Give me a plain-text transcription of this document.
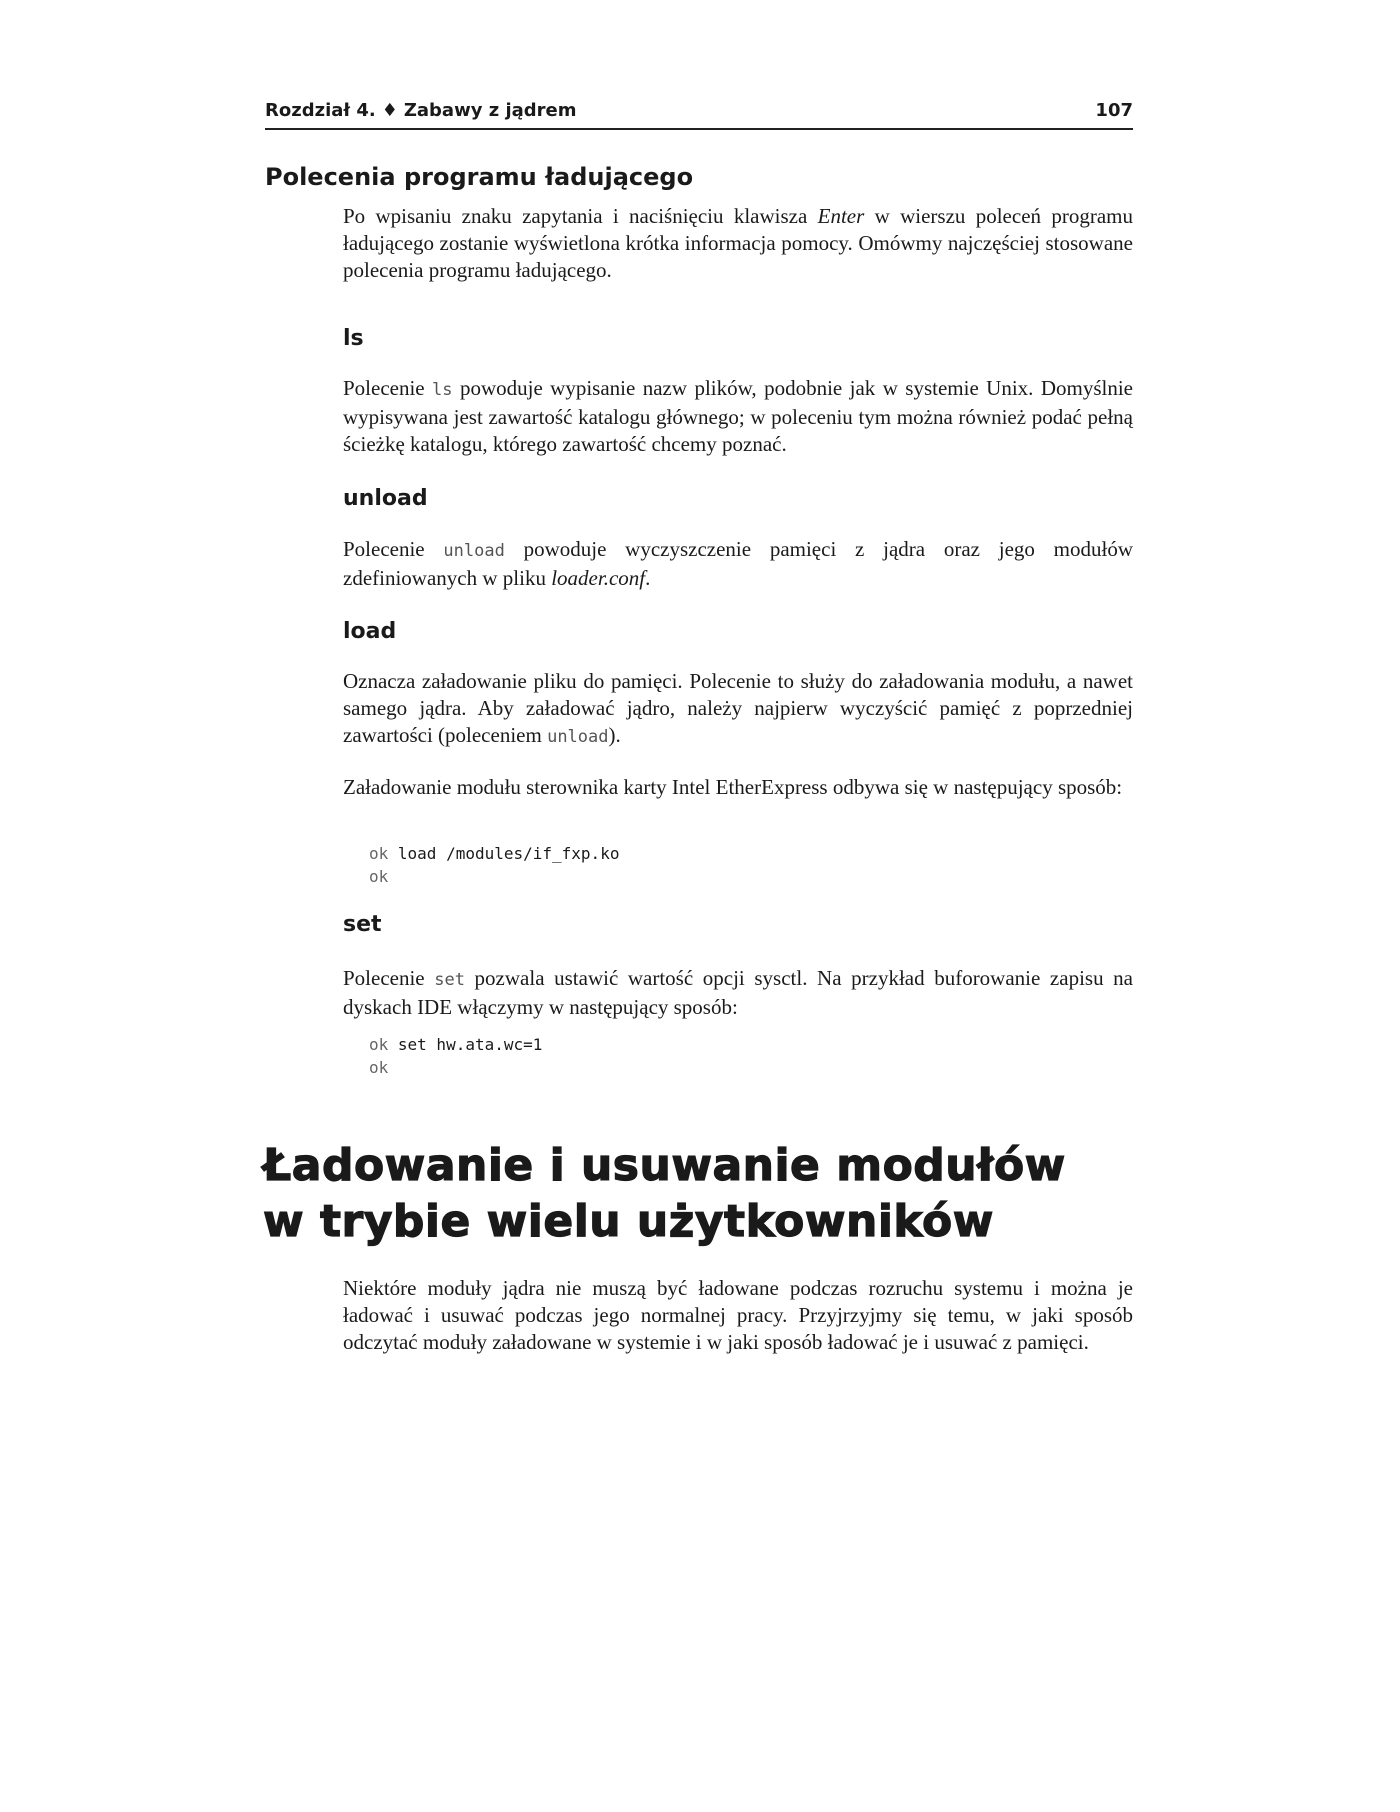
Rozdział 4. ♦ Zabawy z jądrem	107
Polecenia programu ładującego

Po wpisaniu znaku zapytania i naciśnięciu klawisza Enter w wierszu poleceń programu ładującego zostanie wyświetlona krótka informacja pomocy. Omówmy najczęściej stosowane polecenia programu ładującego.

ls

Polecenie ls powoduje wypisanie nazw plików, podobnie jak w systemie Unix. Domyślnie wypisywana jest zawartość katalogu głównego; w poleceniu tym można również podać pełną ścieżkę katalogu, którego zawartość chcemy poznać.

unload

Polecenie unload powoduje wyczyszczenie pamięci z jądra oraz jego modułów zdefiniowanych w pliku loader.conf.

load

Oznacza załadowanie pliku do pamięci. Polecenie to służy do załadowania modułu, a nawet samego jądra. Aby załadować jądro, należy najpierw wyczyścić pamięć z poprzedniej zawartości (poleceniem unload).

Załadowanie modułu sterownika karty Intel EtherExpress odbywa się w następujący sposób:

ok load /modules/if_fxp.ko
ok
set

Polecenie set pozwala ustawić wartość opcji sysctl. Na przykład buforowanie zapisu na dyskach IDE włączymy w następujący sposób:

ok set hw.ata.wc=1
ok
Ładowanie i usuwanie modułów
w trybie wielu użytkowników

Niektóre moduły jądra nie muszą być ładowane podczas rozruchu systemu i można je ładować i usuwać podczas jego normalnej pracy. Przyjrzyjmy się temu, w jaki sposób odczytać moduły załadowane w systemie i w jaki sposób ładować je i usuwać z pamięci.
